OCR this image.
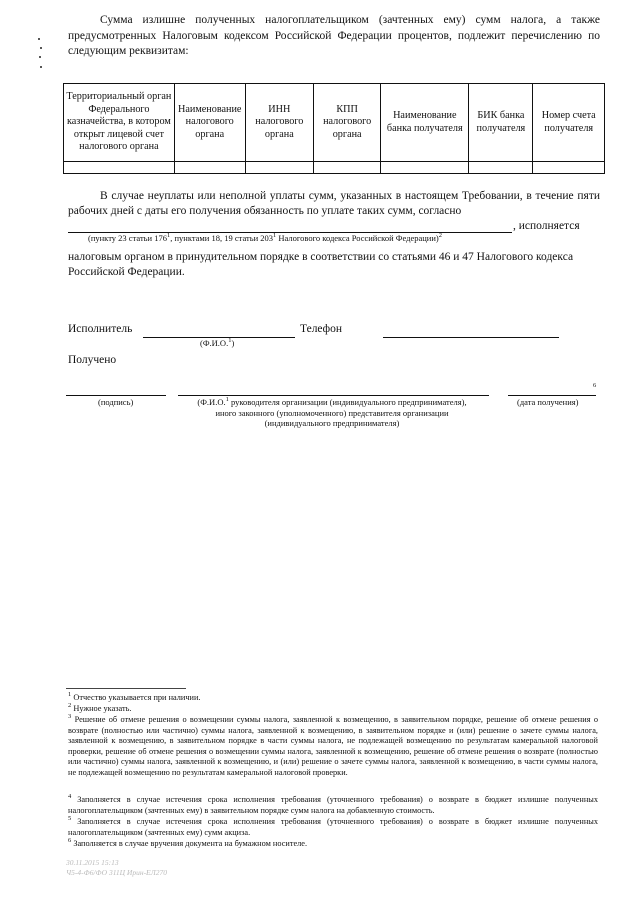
Сумма излишне полученных налогоплательщиком (зачтенных ему) сумм налога, а также предусмотренных Налоговым кодексом Российской Федерации процентов, подлежит перечислению по следующим реквизитам:
Территориальный орган Федерального казначейства, в котором открыт лицевой счет налогового органа	Наименование налогового органа	ИНН налогового органа	КПП налогового органа	Наименование банка получателя	БИК банка получателя	Номер счета получателя

В случае неуплаты или неполной уплаты сумм, указанных в настоящем Требовании, в течение пяти рабочих дней с даты его получения обязанность по уплате таких сумм, согласно
, исполняется
(пункту 23 статьи $176^1$, пунктами 18, 19 статьи $203^1$ Налогового кодекса Российской Федерации)$^2$
налоговым органом в принудительном порядке в соответствии со статьями 46 и 47 Налогового кодекса Российской Федерации.
Исполнитель
(Ф.И.О.$^1$)
Телефон
Получено
6
(подпись)	(Ф.И.О.$^1$ руководителя организации (индивидуального предпринимателя),
иного законного (уполномоченного) представителя организации
(индивидуального предпринимателя)
(дата получения)
$^1$ Отчество указывается при наличии.
$^2$ Нужное указать.
$^3$ Решение об отмене решения о возмещении суммы налога, заявленной к возмещению, в заявительном порядке, решение об отмене решения о возврате (полностью или частично) суммы налога, заявленной к возмещению, в заявительном порядке и (или) решение о зачете суммы налога, заявленной к возмещению, в заявительном порядке в части суммы налога, не подлежащей возмещению по результатам камеральной налоговой проверки, решение об отмене решения о возмещении суммы налога, заявленной к возмещению, решение об отмене решения о возврате (полностью или частично) суммы налога, заявленной к возмещению, и (или) решение о зачете суммы налога, заявленной к возмещению, в части суммы налога, не подлежащей возмещению по результатам камеральной налоговой проверки.
$^4$ Заполняется в случае истечения срока исполнения требования (уточненного требования) о возврате в бюджет излишне полученных налогоплательщиком (зачтенных ему) в заявительном порядке сумм налога на добавленную стоимость.
$^5$ Заполняется в случае истечения срока исполнения требования (уточненного требования) о возврате в бюджет излишне полученных налогоплательщиком (зачтенных ему) сумм акциза.
$^6$ Заполняется в случае вручения документа на бумажном носителе.
30.11.2015 15:13
Ч5-4-Ф6/ФО 311Ц Ирин-ЕЛ270
